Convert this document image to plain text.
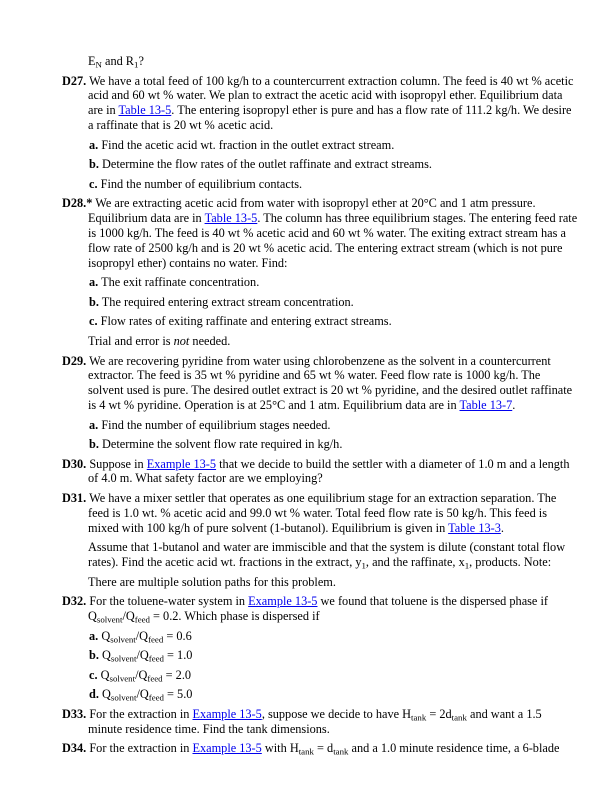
$E_N$ and $R_1$?
D27. We have a total feed of 100 kg/h to a countercurrent extraction column. The feed is 40 wt % acetic acid and 60 wt % water. We plan to extract the acetic acid with isopropyl ether. Equilibrium data are in Table 13-5. The entering isopropyl ether is pure and has a flow rate of 111.2 kg/h. We desire a raffinate that is 20 wt % acetic acid.
a. Find the acetic acid wt. fraction in the outlet extract stream.
b. Determine the flow rates of the outlet raffinate and extract streams.
c. Find the number of equilibrium contacts.
D28.* We are extracting acetic acid from water with isopropyl ether at 20°C and 1 atm pressure. Equilibrium data are in Table 13-5. The column has three equilibrium stages. The entering feed rate is 1000 kg/h. The feed is 40 wt % acetic acid and 60 wt % water. The exiting extract stream has a flow rate of 2500 kg/h and is 20 wt % acetic acid. The entering extract stream (which is not pure isopropyl ether) contains no water. Find:
a. The exit raffinate concentration.
b. The required entering extract stream concentration.
c. Flow rates of exiting raffinate and entering extract streams.
Trial and error is not needed.
D29. We are recovering pyridine from water using chlorobenzene as the solvent in a countercurrent extractor. The feed is 35 wt % pyridine and 65 wt % water. Feed flow rate is 1000 kg/h. The solvent used is pure. The desired outlet extract is 20 wt % pyridine, and the desired outlet raffinate is 4 wt % pyridine. Operation is at 25°C and 1 atm. Equilibrium data are in Table 13-7.
a. Find the number of equilibrium stages needed.
b. Determine the solvent flow rate required in kg/h.
D30. Suppose in Example 13-5 that we decide to build the settler with a diameter of 1.0 m and a length of 4.0 m. What safety factor are we employing?
D31. We have a mixer settler that operates as one equilibrium stage for an extraction separation. The feed is 1.0 wt. % acetic acid and 99.0 wt % water. Total feed flow rate is 50 kg/h. This feed is mixed with 100 kg/h of pure solvent (1-butanol). Equilibrium is given in Table 13-3.
Assume that 1-butanol and water are immiscible and that the system is dilute (constant total flow rates). Find the acetic acid wt. fractions in the extract, $y_1$, and the raffinate, $x_1$, products. Note:
There are multiple solution paths for this problem.
D32. For the toluene-water system in Example 13-5 we found that toluene is the dispersed phase if $Q_{solvent}/Q_{feed} = 0.2$. Which phase is dispersed if
a. $Q_{solvent}/Q_{feed} = 0.6$
b. $Q_{solvent}/Q_{feed} = 1.0$
c. $Q_{solvent}/Q_{feed} = 2.0$
d. $Q_{solvent}/Q_{feed} = 5.0$
D33. For the extraction in Example 13-5, suppose we decide to have $H_{tank} = 2d_{tank}$ and want a 1.5 minute residence time. Find the tank dimensions.
D34. For the extraction in Example 13-5 with $H_{tank} = d_{tank}$ and a 1.0 minute residence time, a 6-blade
